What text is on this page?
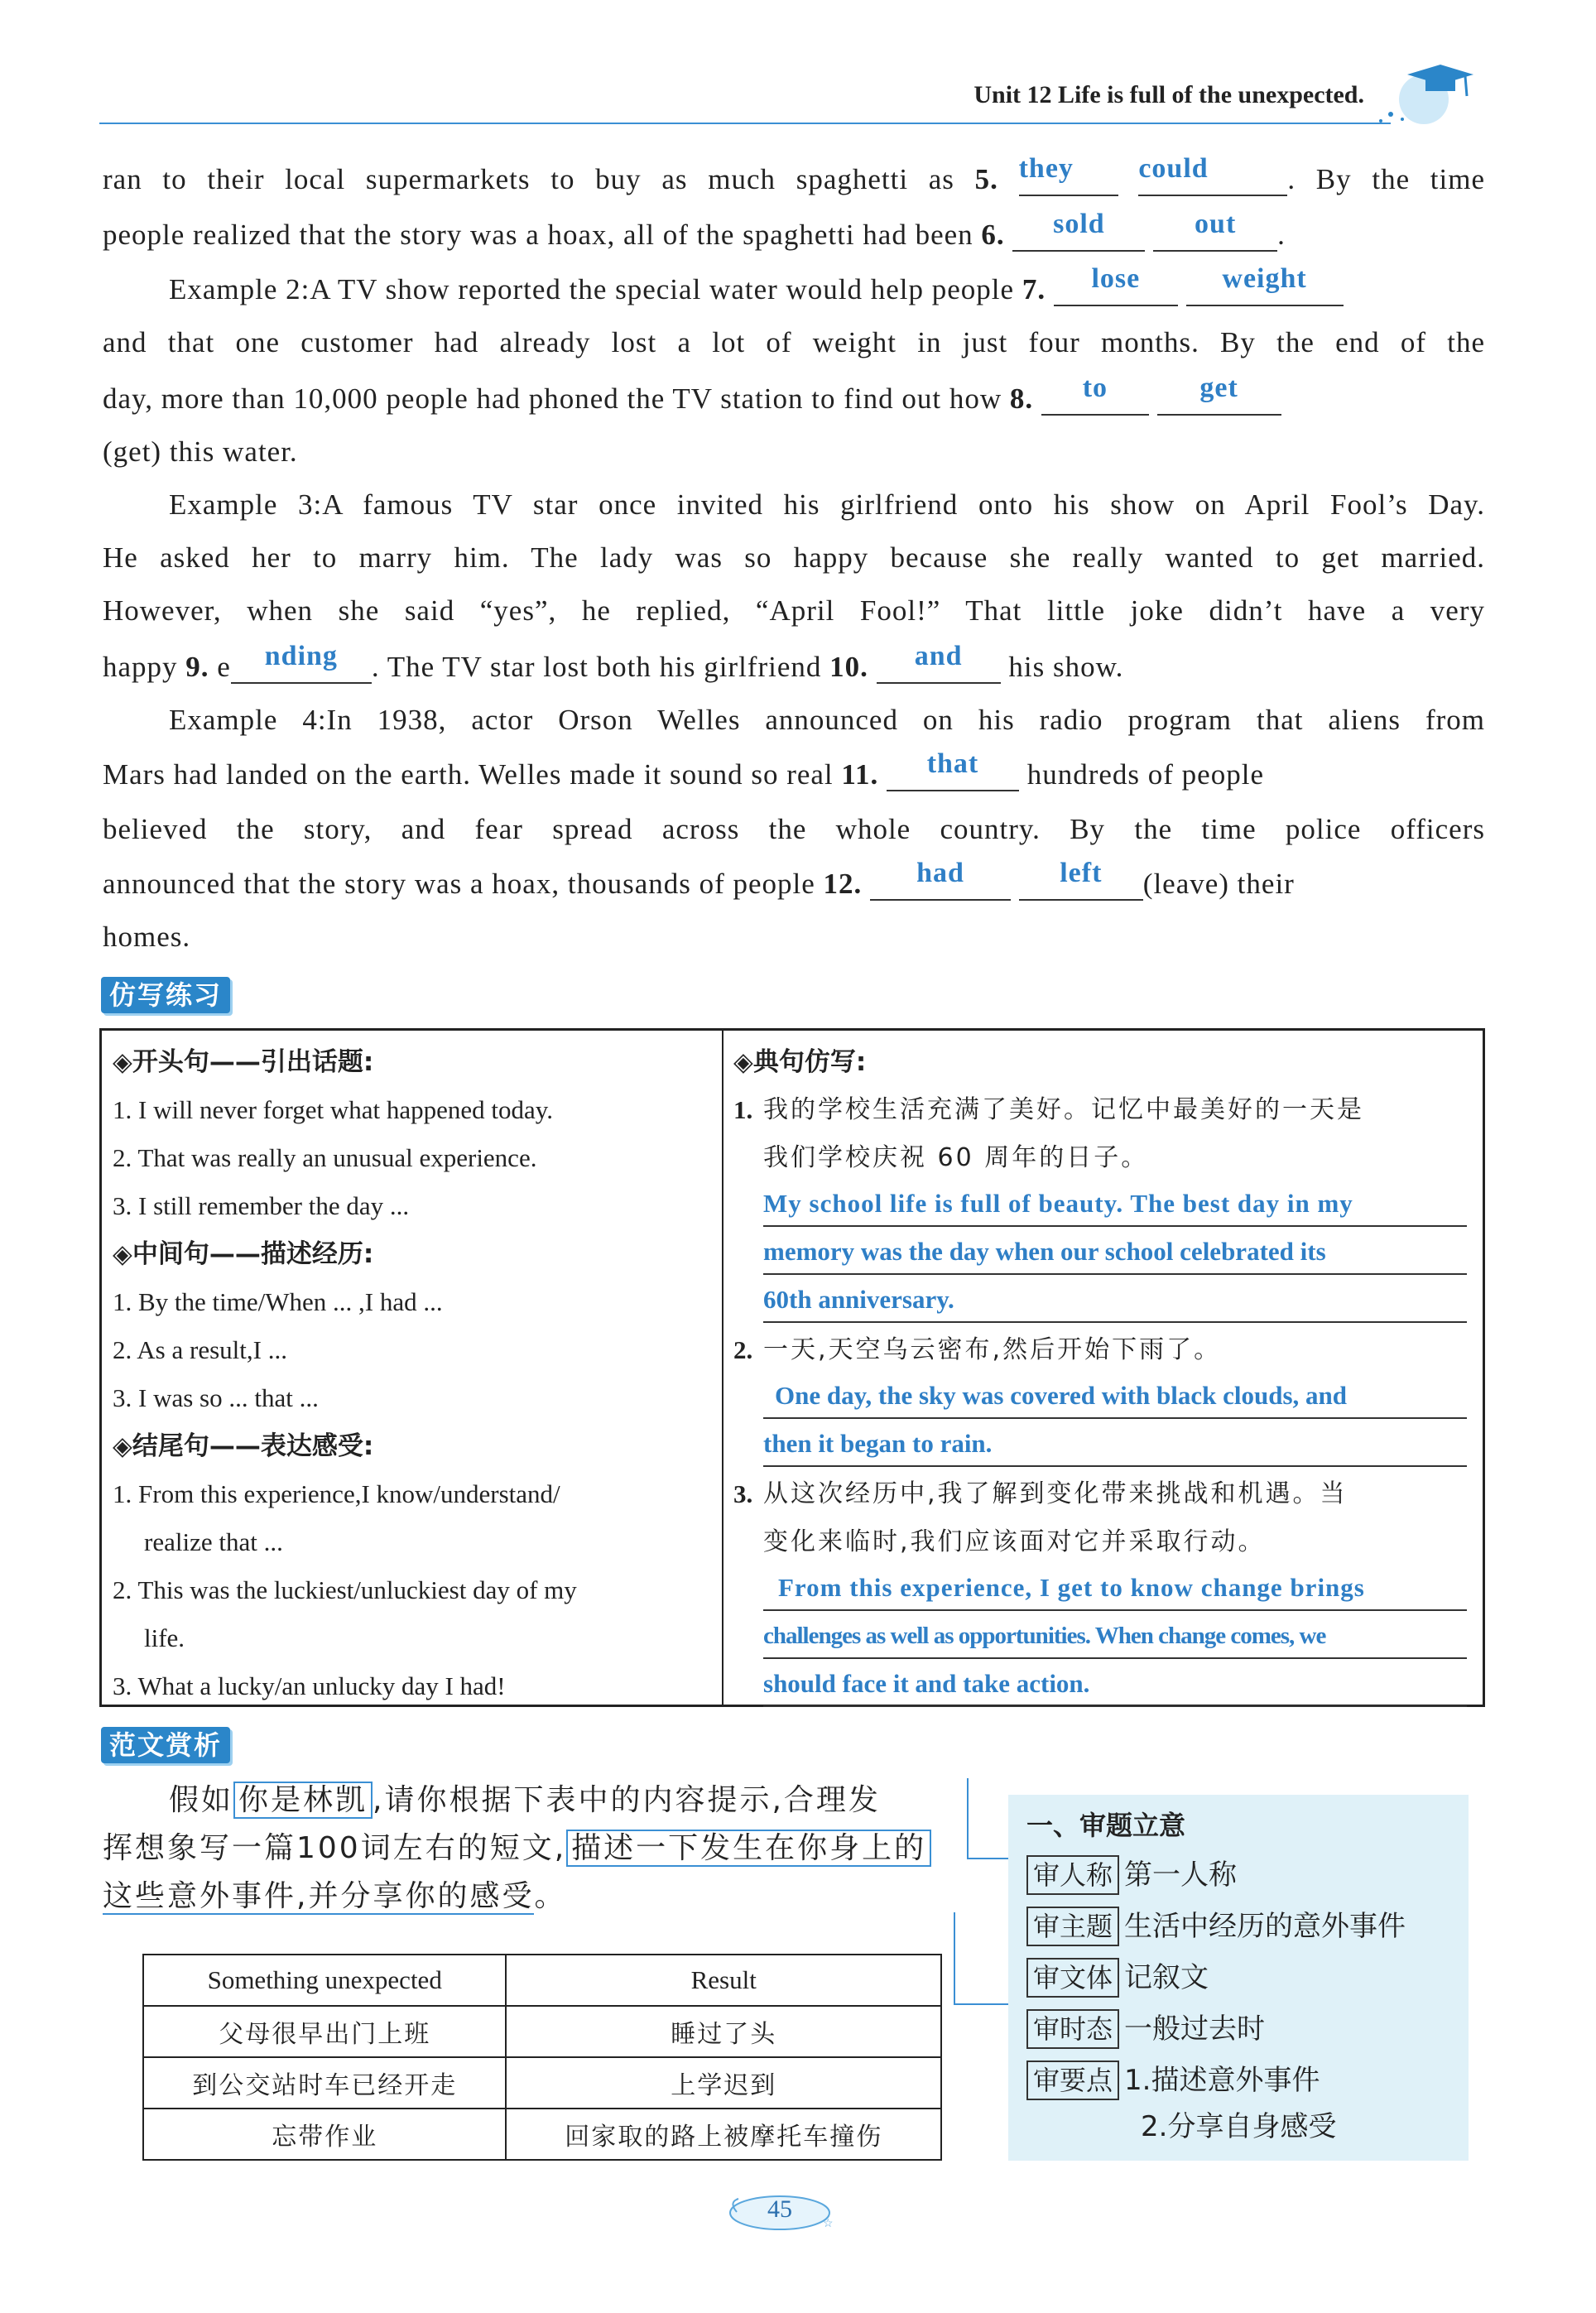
Unit 12 Life is full of the unexpected.
ran to their local supermarkets to buy as much spaghetti as 5. they could	. By the time
people realized that the story was a hoax, all of the spaghetti had been 6. sold	out .
Example 2:A TV show reported the special water would help people 7. lose	weight
and that one customer had already lost a lot of weight in just four months. By the end of the
day, more than 10,000 people had phoned the TV station to find out how 8. to	get
(get) this water.
Example 3:A famous TV star once invited his girlfriend onto his show on April Fool’s Day.
He asked her to marry him. The lady was so happy because she really wanted to get married.
However, when she said “yes”, he replied, “April Fool!” That little joke didn’t have a very
happy 9. e nding . The TV star lost both his girlfriend 10. and his show.
Example 4:In 1938, actor Orson Welles announced on his radio program that aliens from
Mars had landed on the earth. Welles made it sound so real 11. that hundreds of people
believed the story, and fear spread across the whole country. By the time police officers
announced that the story was a hoax, thousands of people 12. had	left (leave) their
homes.
仿写练习
◈开头句——引出话题:
1. I will never forget what happened today.
2. That was really an unusual experience.
3. I still remember the day ...
◈中间句——描述经历:
1. By the time/When ... ,I had ...
2. As a result,I ...
3. I was so ... that ...
◈结尾句——表达感受:
1. From this experience,I know/understand/
realize that ...
2. This was the luckiest/unluckiest day of my
life.
3. What a lucky/an unlucky day I had!
◈典句仿写:
1. 我的学校生活充满了美好。记忆中最美好的一天是
我们学校庆祝 60 周年的日子。
My school life is full of beauty. The best day in my
memory was the day when our school celebrated its
60th anniversary.
2. 一天,天空乌云密布,然后开始下雨了。
One day, the sky was covered with black clouds, and
then it began to rain.
3. 从这次经历中,我了解到变化带来挑战和机遇。当
变化来临时,我们应该面对它并采取行动。
From this experience, I get to know change brings
challenges as well as opportunities. When change comes, we
should face it and take action.
范文赏析
假如 你是林凯 ,请你根据下表中的内容提示,合理发
挥想象写一篇100词左右的短文, 描述一下发生在你身上的
这些意外事件,并分享你的感受。
Something unexpected	Result
父母很早出门上班	睡过了头
到公交站时车已经开走	上学迟到
忘带作业	回家取的路上被摩托车撞伤
一、审题立意
审人称 第一人称
审主题 生活中经历的意外事件
审文体 记叙文
审时态 一般过去时
审要点 1.描述意外事件
2.分享自身感受
☆
45
